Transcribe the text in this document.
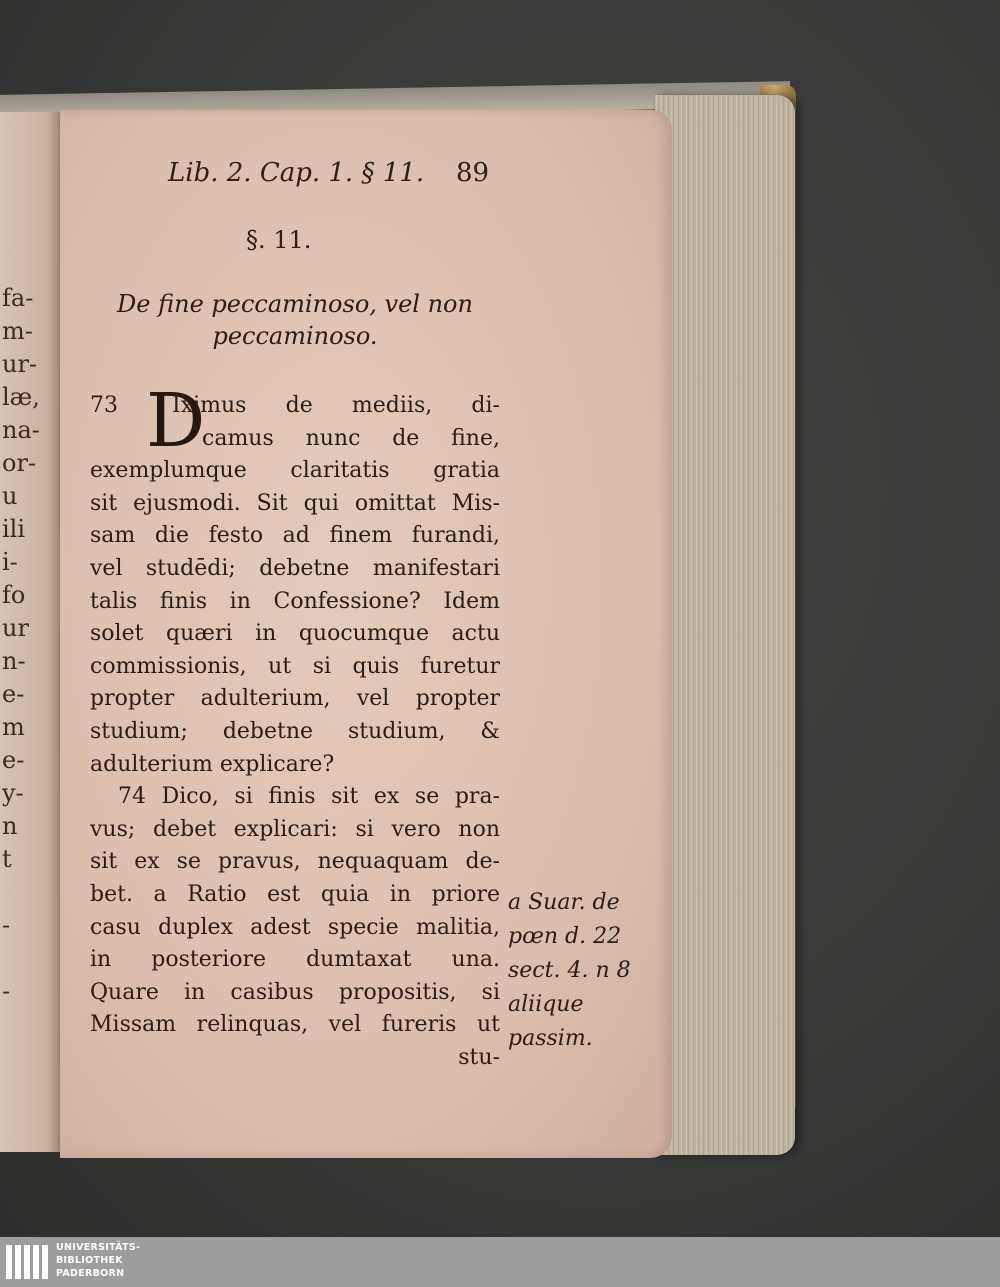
fa-
m-
ur-
læ,
na-
or-
u
ili
i-
fo
ur
n-
e-
m
e-
y-
n
t
-
-
Lib. 2. Cap. 1. § 11. 89
§. 11.
De fine peccaminoso, vel non
peccaminoso.
D
73 Iximus de mediis, di-
camus nunc de fine,
exemplumque claritatis gratia
sit ejusmodi. Sit qui omittat Mis-
sam die festo ad finem furandi,
vel studēdi; debetne manifestari
talis finis in Confessione? Idem
solet quæri in quocumque actu
commissionis, ut si quis furetur
propter adulterium, vel propter
studium; debetne studium, &
adulterium explicare?
74 Dico, si finis sit ex se pra-
vus; debet explicari: si vero non
sit ex se pravus, nequaquam de-
bet. a Ratio est quia in priore
casu duplex adest specie malitia,
in posteriore dumtaxat una.
Quare in casibus propositis, si
Missam relinquas, vel fureris ut
stu-
a Suar. de
pœn d. 22
sect. 4. n 8
aliique
passim.
UNIVERSITÄTS-
BIBLIOTHEK
PADERBORN
